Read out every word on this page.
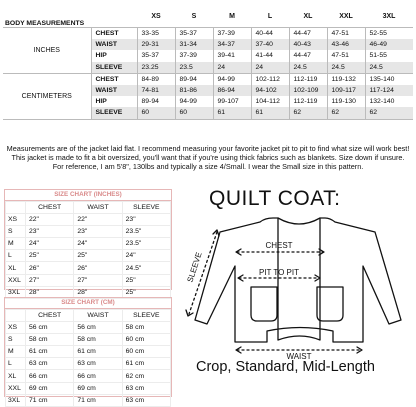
BODY MEASUREMENTS		XS	S	M	L	XL	XXL	3XL
INCHES	CHEST	33-35	35-37	37-39	40-44	44-47	47-51	52-55
	WAIST	29-31	31-34	34-37	37-40	40-43	43-46	46-49
	HIP	35-37	37-39	39-41	41-44	44-47	47-51	51-55
	SLEEVE	23.25	23.5	24	24	24.5	24.5	24.5
CENTIMETERS	CHEST	84-89	89-94	94-99	102-112	112-119	119-132	135-140
	WAIST	74-81	81-86	86-94	94-102	102-109	109-117	117-124
	HIP	89-94	94-99	99-107	104-112	112-119	119-130	132-140
	SLEEVE	60	60	61	61	62	62	62

Measurements are of the jacket laid flat. I recommend measuring your favorite jacket pit to pit to find what size will work best! This jacket is made to fit a bit oversized, you'll want that if you're using thick fabrics such as blankets. Size down if unsure. For reference, I am 5'8", 130lbs and typically a size 4/Small. I wear the Small size in this pattern.

SIZE CHART (INCHES)
	CHEST	WAIST	SLEEVE
XS	22"	22"	23"
S	23"	23"	23.5"
M	24"	24"	23.5"
L	25"	25"	24"
XL	26"	26"	24.5"
XXL	27"	27"	25"
3XL	28"	28"	25"
SIZE CHART (CM)
	CHEST	WAIST	SLEEVE
XS	56 cm	56 cm	58 cm
S	58 cm	58 cm	60 cm
M	61 cm	61 cm	60 cm
L	63 cm	63 cm	61 cm
XL	66 cm	66 cm	62 cm
XXL	69 cm	69 cm	63 cm
3XL	71 cm	71 cm	63 cm
QUILT COAT:
CHEST
PIT TO PIT
SLEEVE
WAIST
Crop, Standard, Mid-Length
